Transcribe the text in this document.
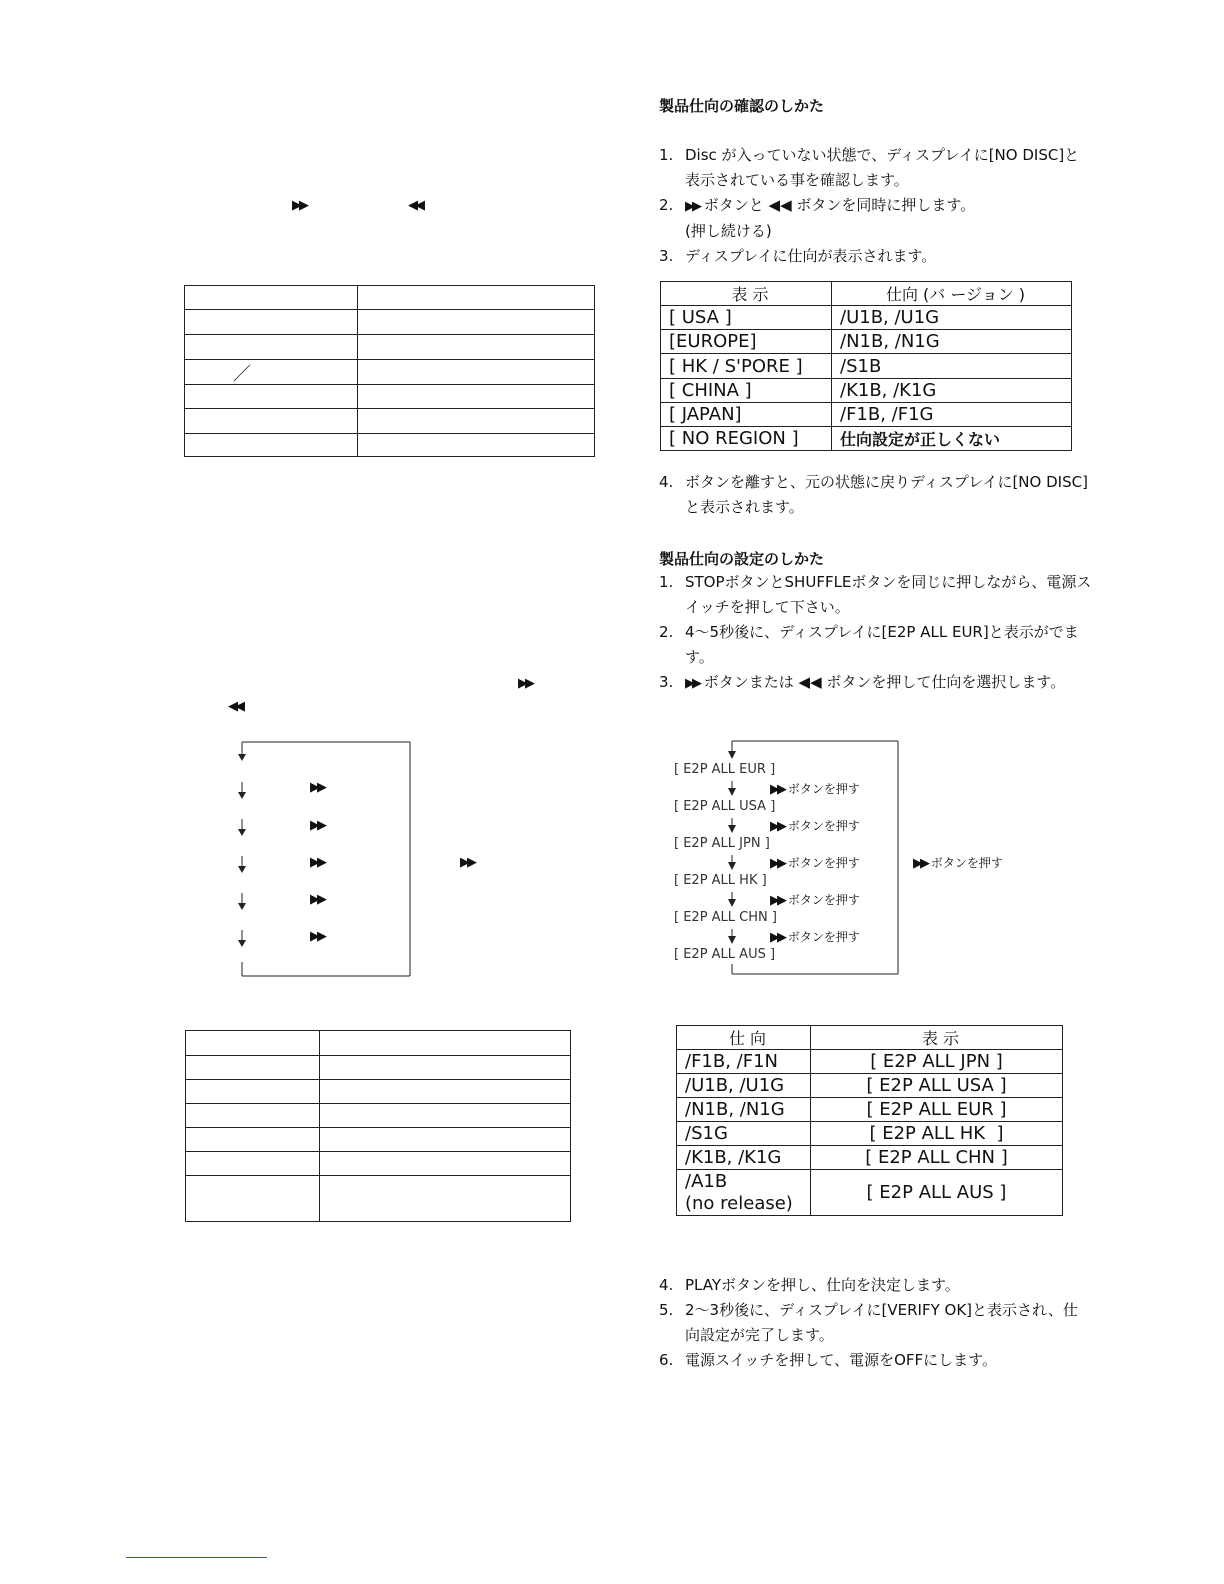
▶▶	◀◀
／
▶▶
◀◀
▶▶
▶▶
▶▶
▶▶
▶▶
▶▶
製品仕向の確認のしかた
1. Disc が入っていない状態で、ディスプレイに[NO DISC]と
表示されている事を確認します。
2. ▶▶ ボタンと ◀◀ ボタンを同時に押します。
(押し続ける)
3. ディスプレイに仕向が表示されます。
表 示	仕向 (バ ージョン )
[ USA ]	/U1B, /U1G
[EUROPE]	/N1B, /N1G
[ HK / S'PORE ]	/S1B
[ CHINA ]	/K1B, /K1G
[ JAPAN]	/F1B, /F1G
[ NO REGION ]	仕向設定が正しくない
4. ボタンを離すと、元の状態に戻りディスプレイに[NO DISC]
と表示されます。
製品仕向の設定のしかた
1. STOPボタンとSHUFFLEボタンを同じに押しながら、電源ス
イッチを押して下さい。
2. 4～5秒後に、ディスプレイに[E2P ALL EUR]と表示がでま
す。
3. ▶▶ ボタンまたは ◀◀ ボタンを押して仕向を選択します。
[ E2P ALL EUR ]
[ E2P ALL USA ]
[ E2P ALL JPN ]
[ E2P ALL HK ]
[ E2P ALL CHN ]
[ E2P ALL AUS ]
▶▶ ボタンを押す
▶▶ ボタンを押す
▶▶ ボタンを押す
▶▶ ボタンを押す
▶▶ ボタンを押す
▶▶ ボタンを押す
仕 向	表 示
/F1B, /F1N	[ E2P ALL JPN ]
/U1B, /U1G	[ E2P ALL USA ]
/N1B, /N1G	[ E2P ALL EUR ]
/S1G	[ E2P ALL HK  ]
/K1B, /K1G	[ E2P ALL CHN ]

/A1B
(no release)	[ E2P ALL AUS ]
4. PLAYボタンを押し、仕向を決定します。
5. 2～3秒後に、ディスプレイに[VERIFY OK]と表示され、仕
向設定が完了します。
6. 電源スイッチを押して、電源をOFFにします。
